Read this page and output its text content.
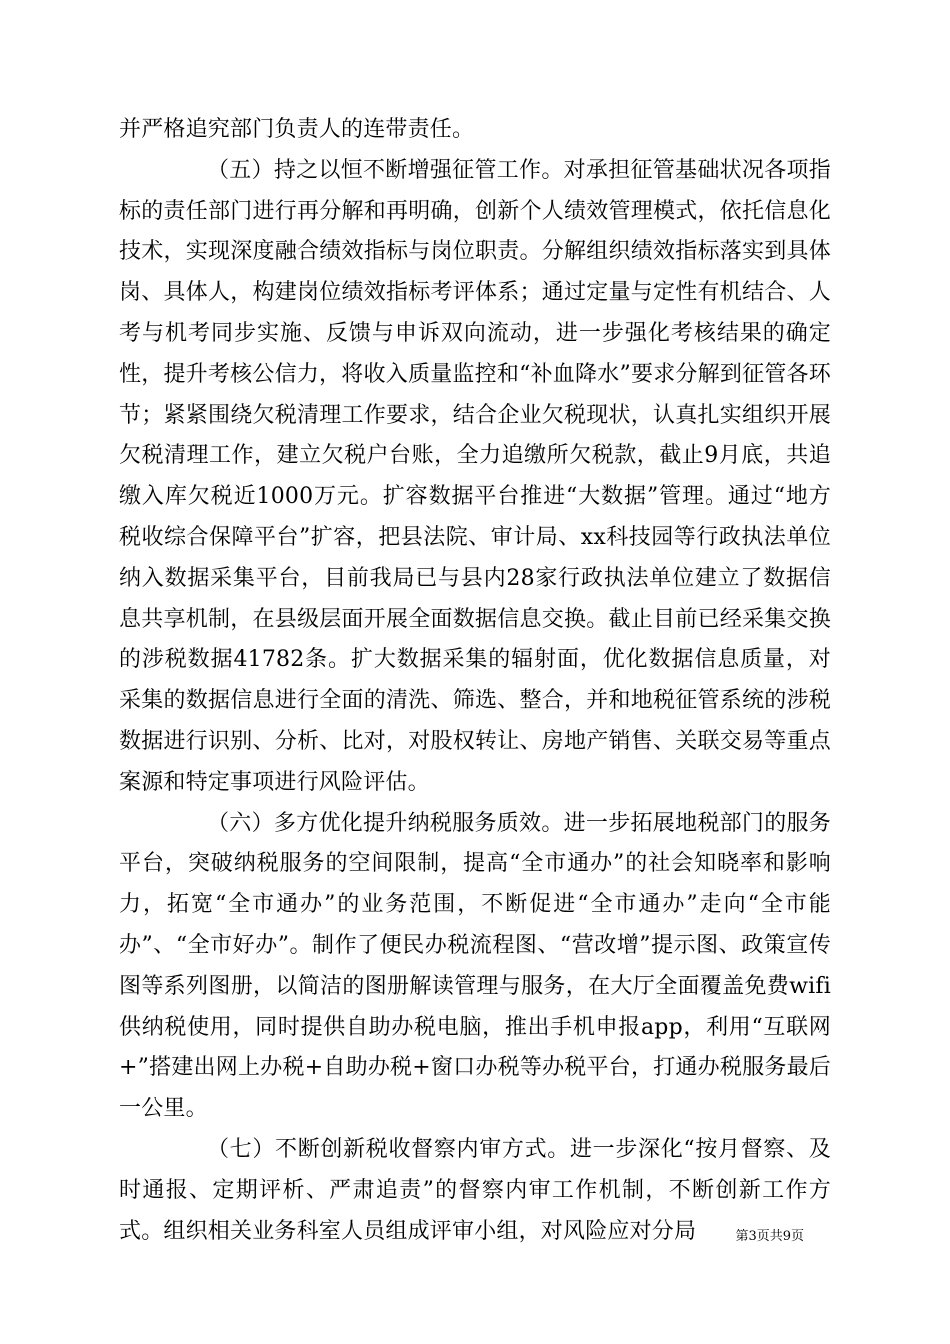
并严格追究部门负责人的连带责任。

（五）持之以恒不断增强征管工作。对承担征管基础状况各项指标的责任部门进行再分解和再明确，创新个人绩效管理模式，依托信息化技术，实现深度融合绩效指标与岗位职责。分解组织绩效指标落实到具体岗、具体人，构建岗位绩效指标考评体系；通过定量与定性有机结合、人考与机考同步实施、反馈与申诉双向流动，进一步强化考核结果的确定性，提升考核公信力，将收入质量监控和“补血降水”要求分解到征管各环节；紧紧围绕欠税清理工作要求，结合企业欠税现状，认真扎实组织开展欠税清理工作，建立欠税户台账，全力追缴所欠税款，截止9月底，共追缴入库欠税近1000万元。扩容数据平台推进“大数据”管理。通过“地方税收综合保障平台”扩容，把县法院、审计局、xx科技园等行政执法单位纳入数据采集平台，目前我局已与县内28家行政执法单位建立了数据信息共享机制，在县级层面开展全面数据信息交换。截止目前已经采集交换的涉税数据41782条。扩大数据采集的辐射面，优化数据信息质量，对采集的数据信息进行全面的清洗、筛选、整合，并和地税征管系统的涉税数据进行识别、分析、比对，对股权转让、房地产销售、关联交易等重点案源和特定事项进行风险评估。

（六）多方优化提升纳税服务质效。进一步拓展地税部门的服务平台，突破纳税服务的空间限制，提高“全市通办”的社会知晓率和影响力，拓宽“全市通办”的业务范围，不断促进“全市通办”走向“全市能办”、“全市好办”。制作了便民办税流程图、“营改增”提示图、政策宣传图等系列图册，以简洁的图册解读管理与服务，在大厅全面覆盖免费wifi供纳税使用，同时提供自助办税电脑，推出手机申报app，利用“互联网+”搭建出网上办税+自助办税+窗口办税等办税平台，打通办税服务最后一公里。

（七）不断创新税收督察内审方式。进一步深化“按月督察、及时通报、定期评析、严肃追责”的督察内审工作机制，不断创新工作方式。组织相关业务科室人员组成评审小组，对风险应对分局	第3页共9页
